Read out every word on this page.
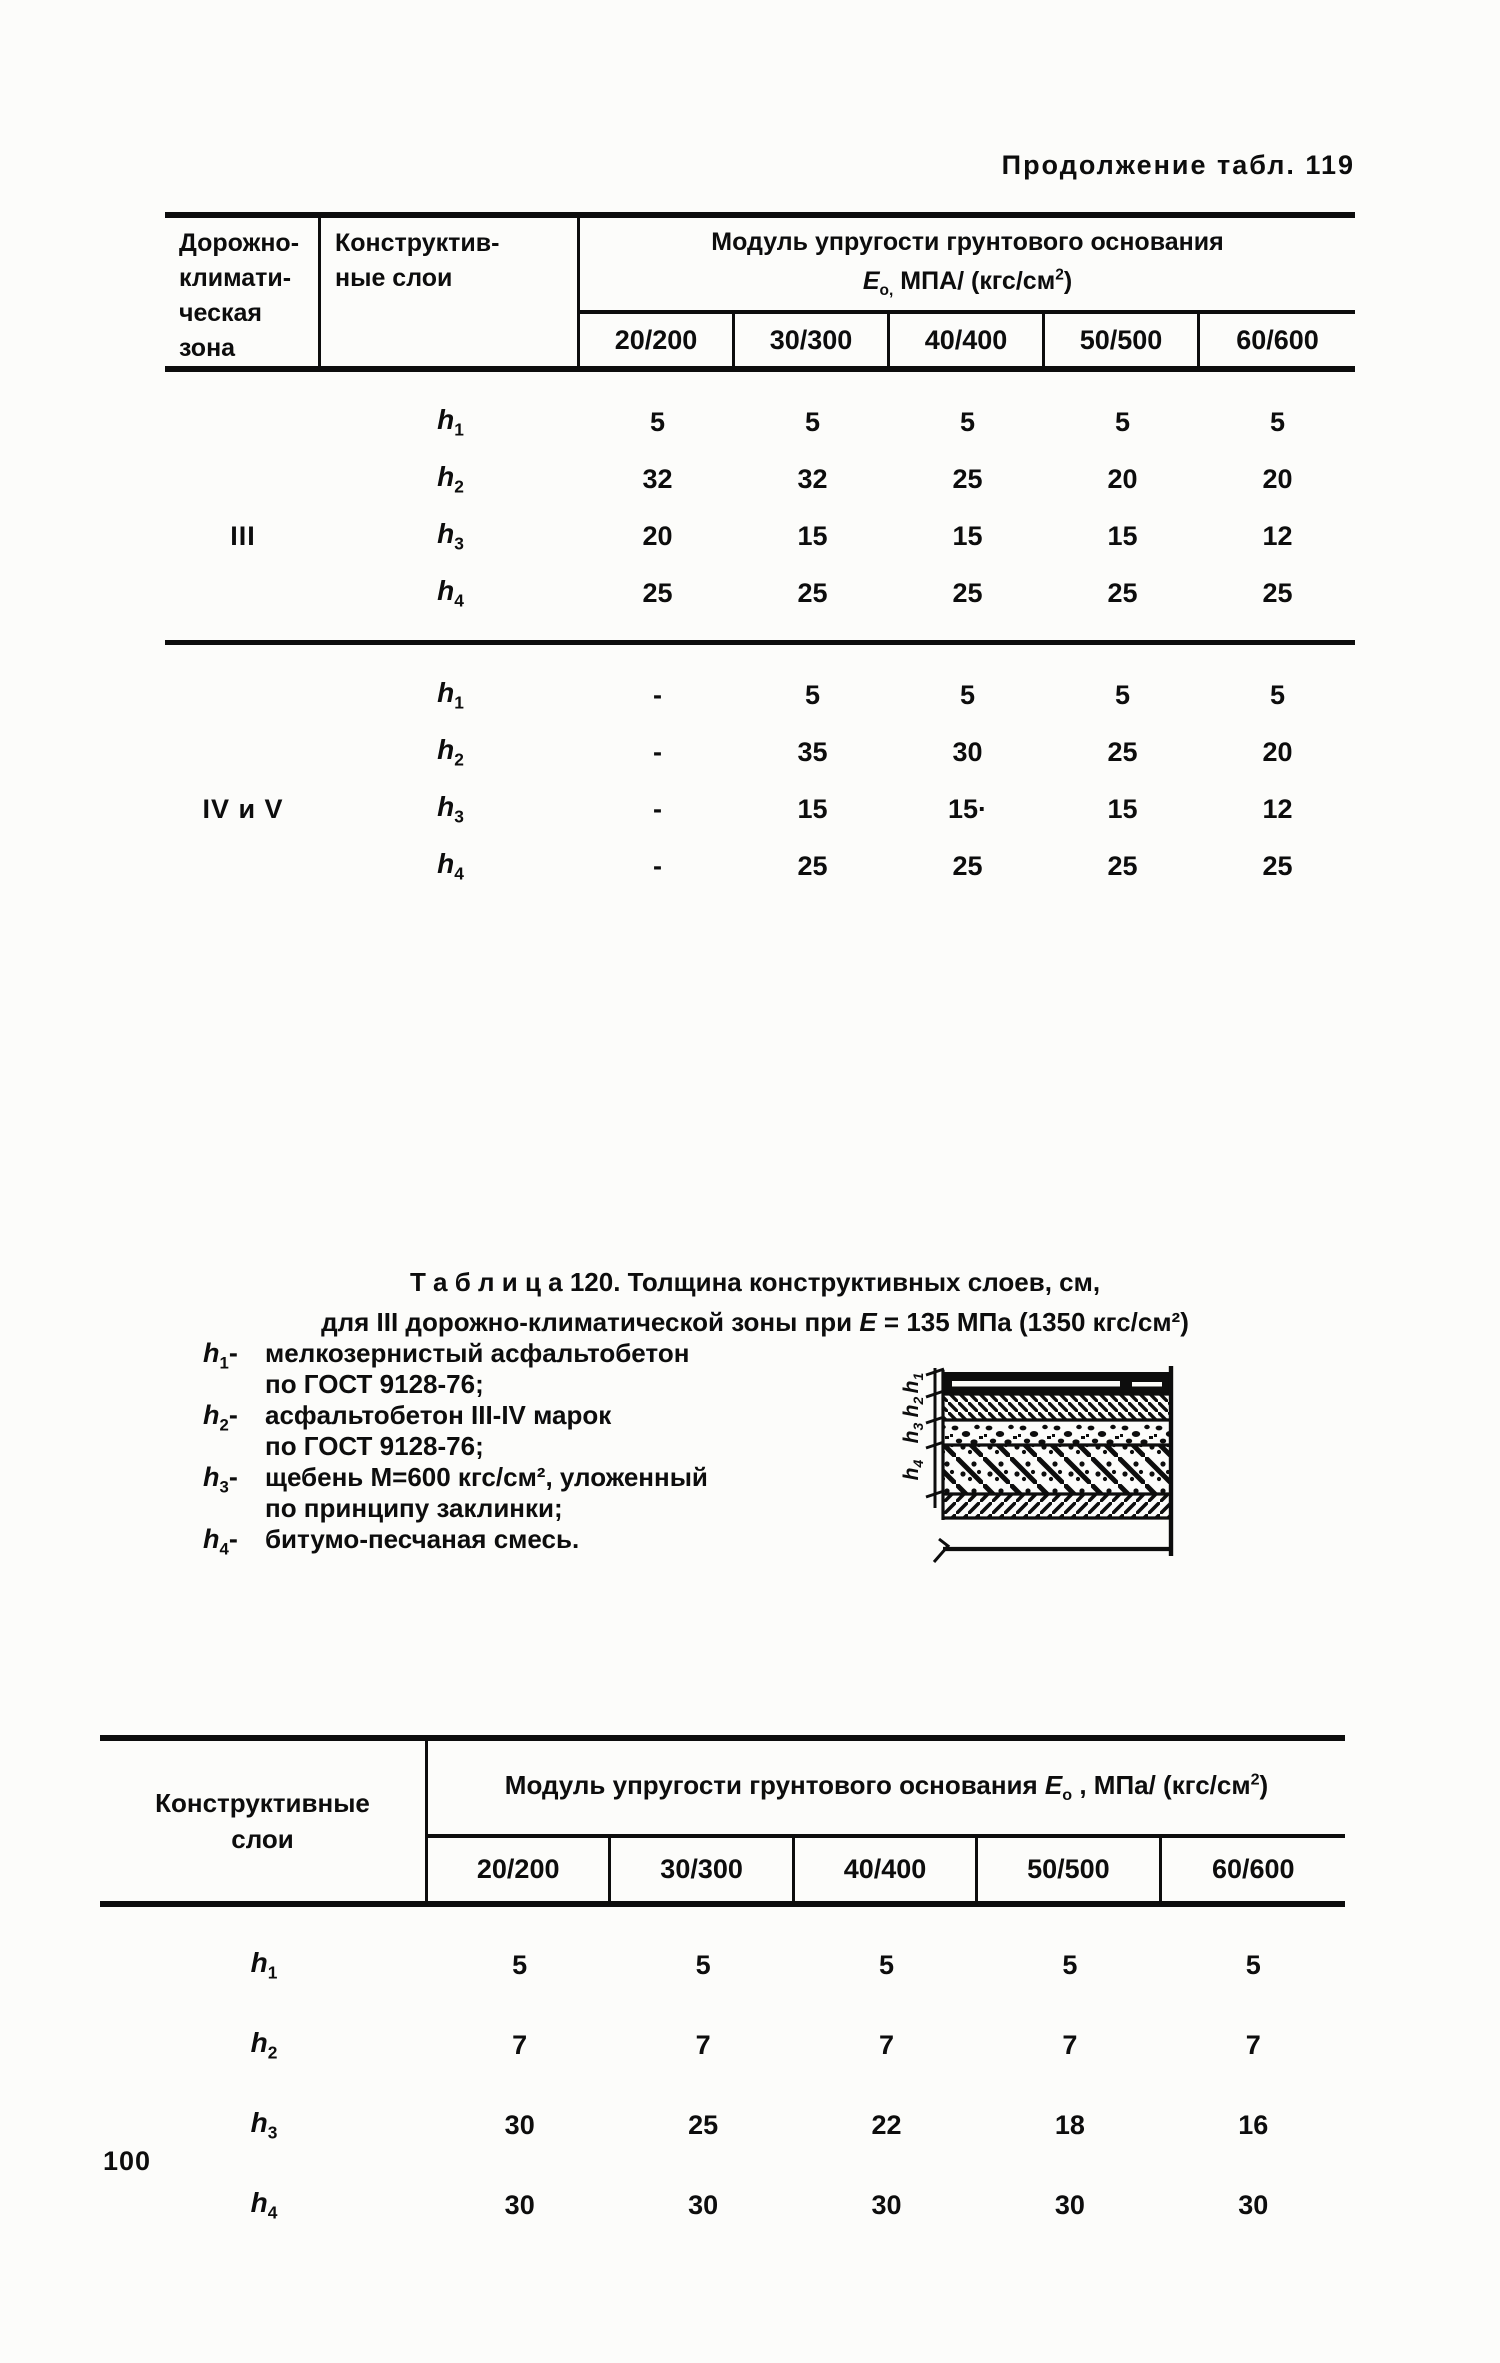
Продолжение табл. 119
Дорожно-
климати-
ческая
зона
Конструктив-
ные слои
Модуль упругости грунтового основания
$Е_{о,}$ МПА/ $(кгс/см^2)$
20/200	30/300	40/400	50/500	60/600
$h_1$	5	5	5	5	5
$h_2$	32	32	25	20	20
III	$h_3$	20	15	15	15	12
$h_4$	25	25	25	25	25
$h_1$	-	5	5	5	5
$h_2$	-	35	30	25	20
IV и V	$h_3$	-	15	15·	15	12
$h_4$	-	25	25	25	25
Т а б л и ц а 120. Толщина конструктивных слоев, см,
для III дорожно-климатической зоны при Е = 135 МПа (1350 кгс/см²)
$h_1-$	мелкозернистый асфальтобетон
по ГОСТ 9128-76;
$h_2-$	асфальтобетон III-IV марок
по ГОСТ 9128-76;
$h_3-$	щебень М=600 кгс/см², уложенный
по принципу заклинки;
$h_4-$	битумо-песчаная смесь.
$h_1$
$h_2$
$h_3$
$h_4$
Конструктивные
слои
Модуль упругости грунтового основания $Е_о$ , МПа/ $(кгс/см^2)$
20/200	30/300	40/400	50/500	60/600
$h_1$	5	5	5	5	5
$h_2$	7	7	7	7	7
$h_3$	30	25	22	18	16
$h_4$	30	30	30	30	30
100
